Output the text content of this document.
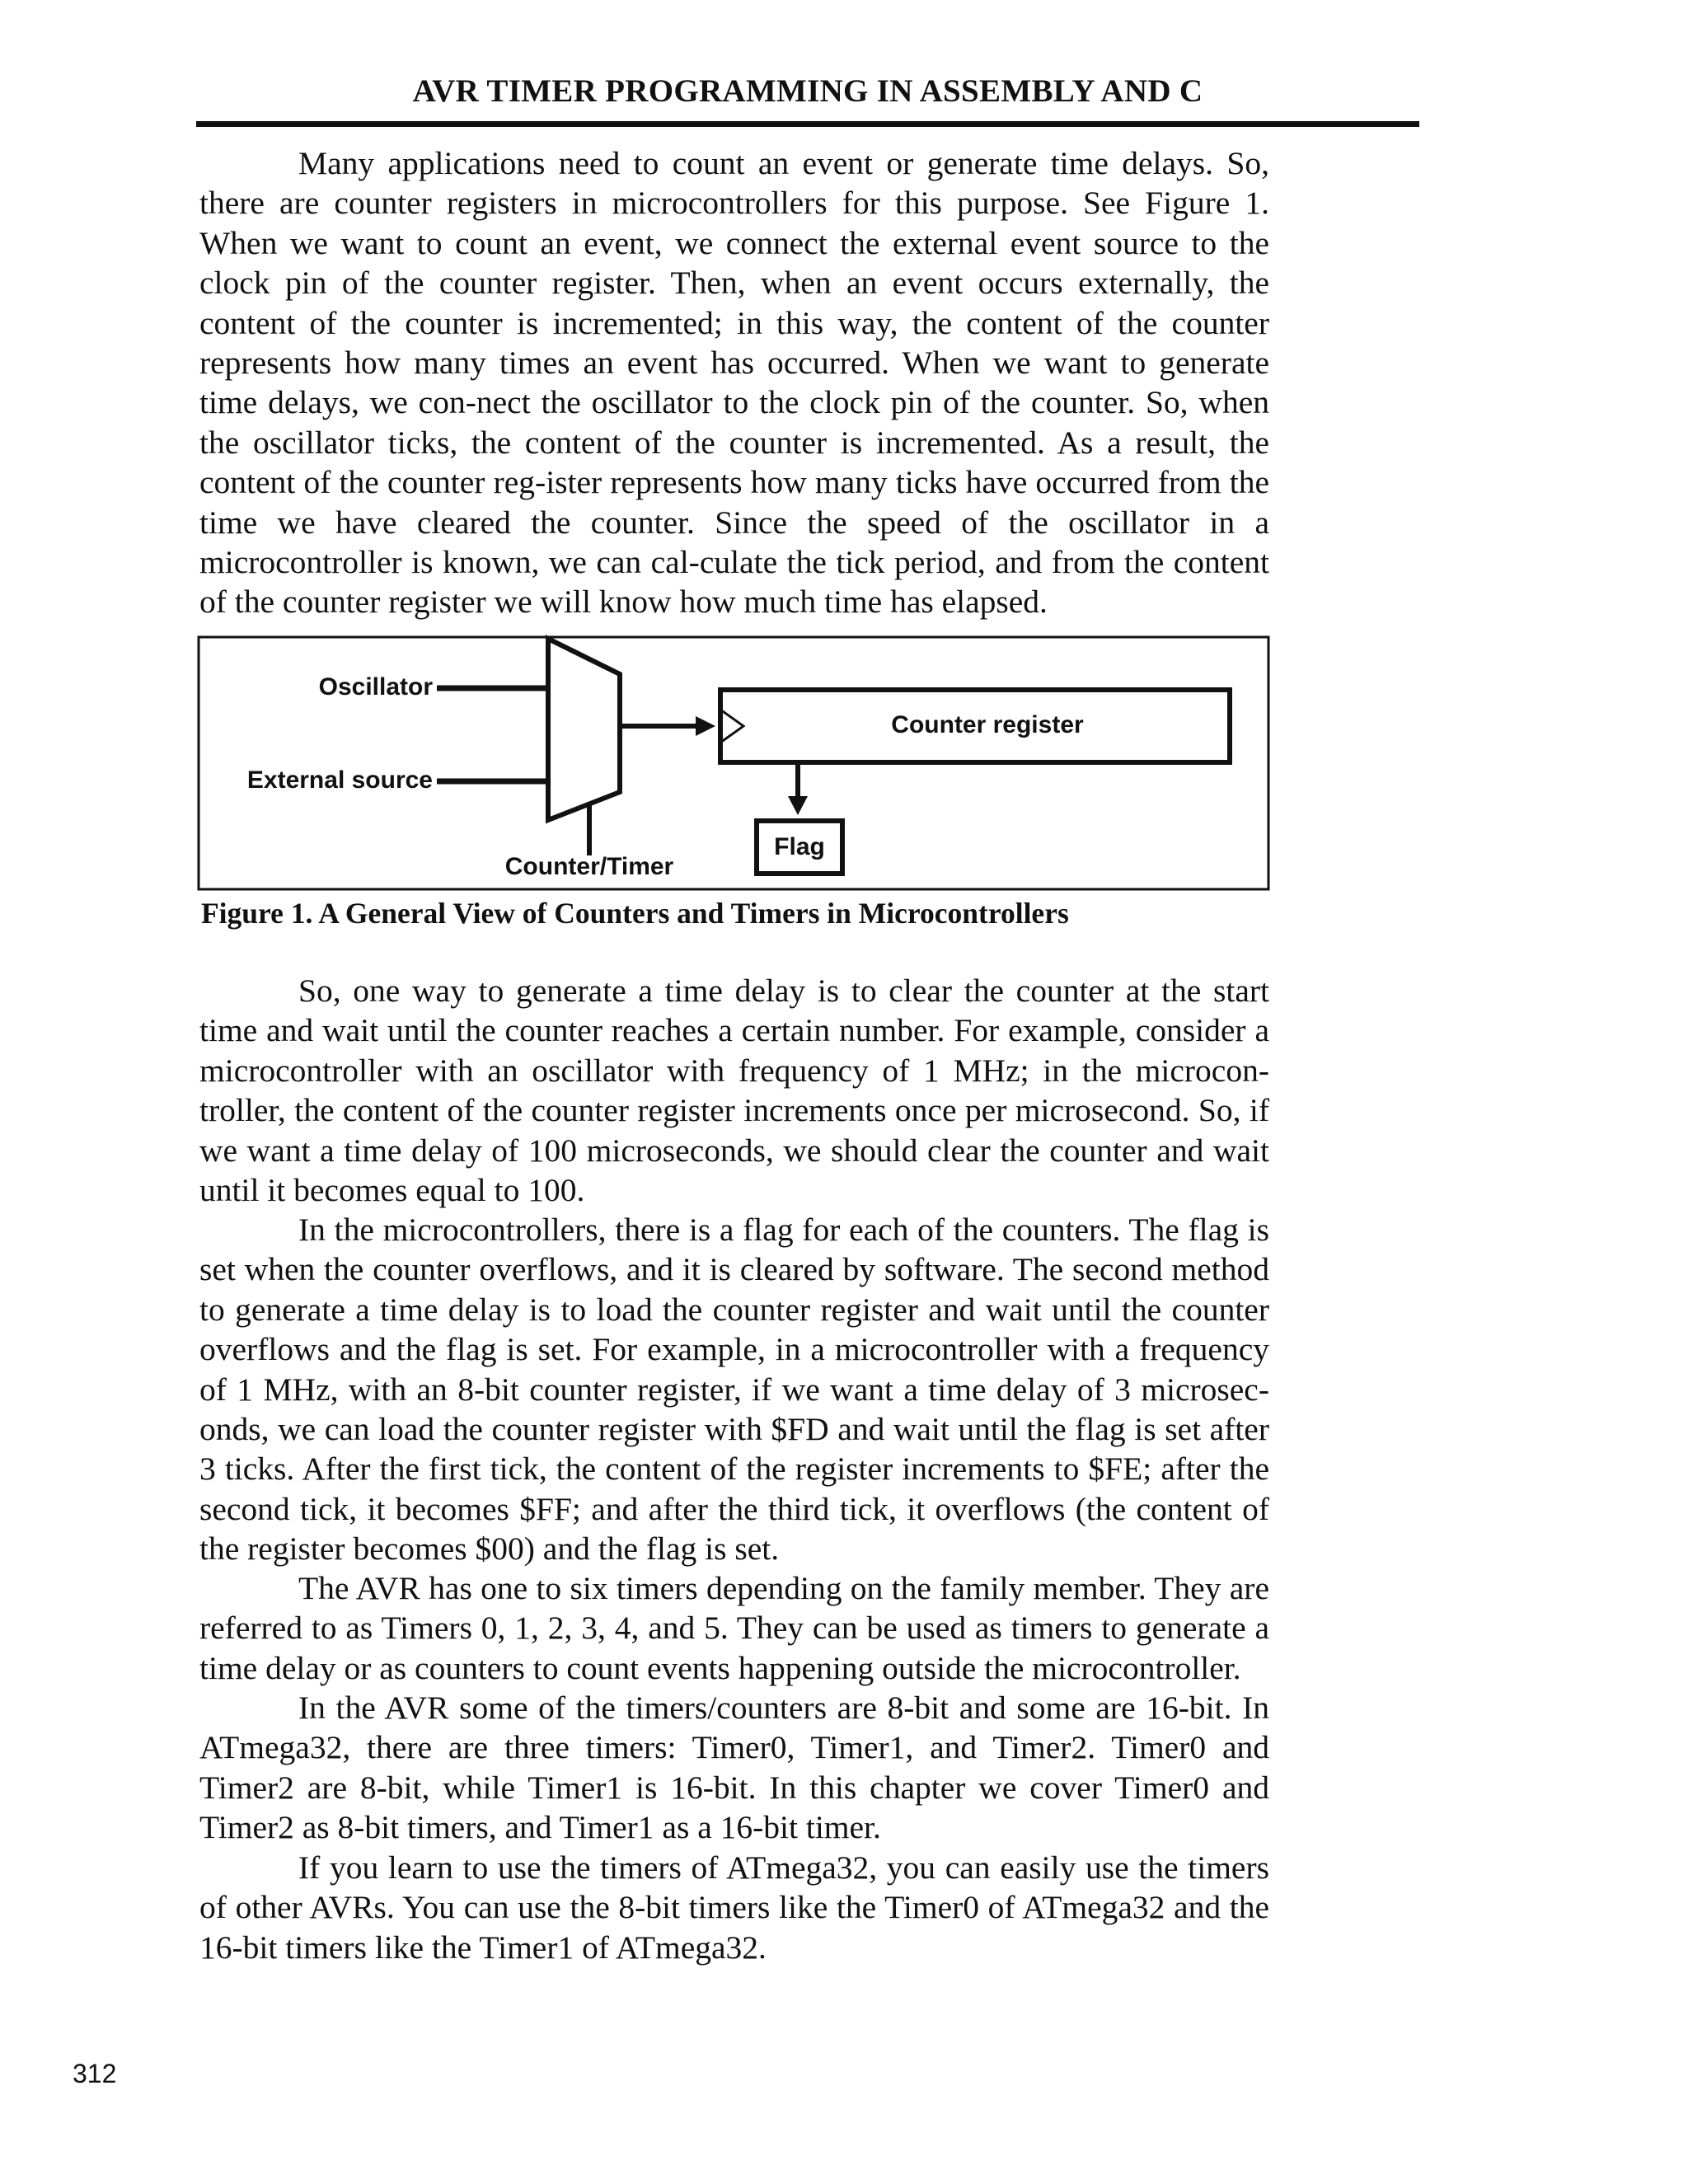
AVR TIMER PROGRAMMING IN ASSEMBLY AND C

Many applications need to count an event or generate time delays. So, there are counter registers in microcontrollers for this purpose. See Figure 1. When we want to count an event, we connect the external event source to the clock pin of the counter register. Then, when an event occurs externally, the content of the counter is incremented; in this way, the content of the counter represents how many times an event has occurred. When we want to generate time delays, we con-nect the oscillator to the clock pin of the counter. So, when the oscillator ticks, the content of the counter is incremented. As a result, the content of the counter reg-ister represents how many ticks have occurred from the time we have cleared the counter. Since the speed of the oscillator in a microcontroller is known, we can cal-culate the tick period, and from the content of the counter register we will know how much time has elapsed.

Oscillator
External source
Counter register
Flag
Counter/Timer

Figure 1. A General View of Counters and Timers in Microcontrollers

So, one way to generate a time delay is to clear the counter at the start time and wait until the counter reaches a certain number. For example, consider a microcontroller with an oscillator with frequency of 1 MHz; in the microcon-troller, the content of the counter register increments once per microsecond. So, if we want a time delay of 100 microseconds, we should clear the counter and wait until it becomes equal to 100.

In the microcontrollers, there is a flag for each of the counters. The flag is set when the counter overflows, and it is cleared by software. The second method to generate a time delay is to load the counter register and wait until the counter overflows and the flag is set. For example, in a microcontroller with a frequency of 1 MHz, with an 8-bit counter register, if we want a time delay of 3 microsec-onds, we can load the counter register with $FD and wait until the flag is set after 3 ticks. After the first tick, the content of the register increments to $FE; after the second tick, it becomes $FF; and after the third tick, it overflows (the content of the register becomes $00) and the flag is set.

The AVR has one to six timers depending on the family member. They are referred to as Timers 0, 1, 2, 3, 4, and 5. They can be used as timers to generate a time delay or as counters to count events happening outside the microcontroller.

In the AVR some of the timers/counters are 8-bit and some are 16-bit. In ATmega32, there are three timers: Timer0, Timer1, and Timer2. Timer0 and Timer2 are 8-bit, while Timer1 is 16-bit. In this chapter we cover Timer0 and Timer2 as 8-bit timers, and Timer1 as a 16-bit timer.

If you learn to use the timers of ATmega32, you can easily use the timers of other AVRs. You can use the 8-bit timers like the Timer0 of ATmega32 and the 16-bit timers like the Timer1 of ATmega32.

312
